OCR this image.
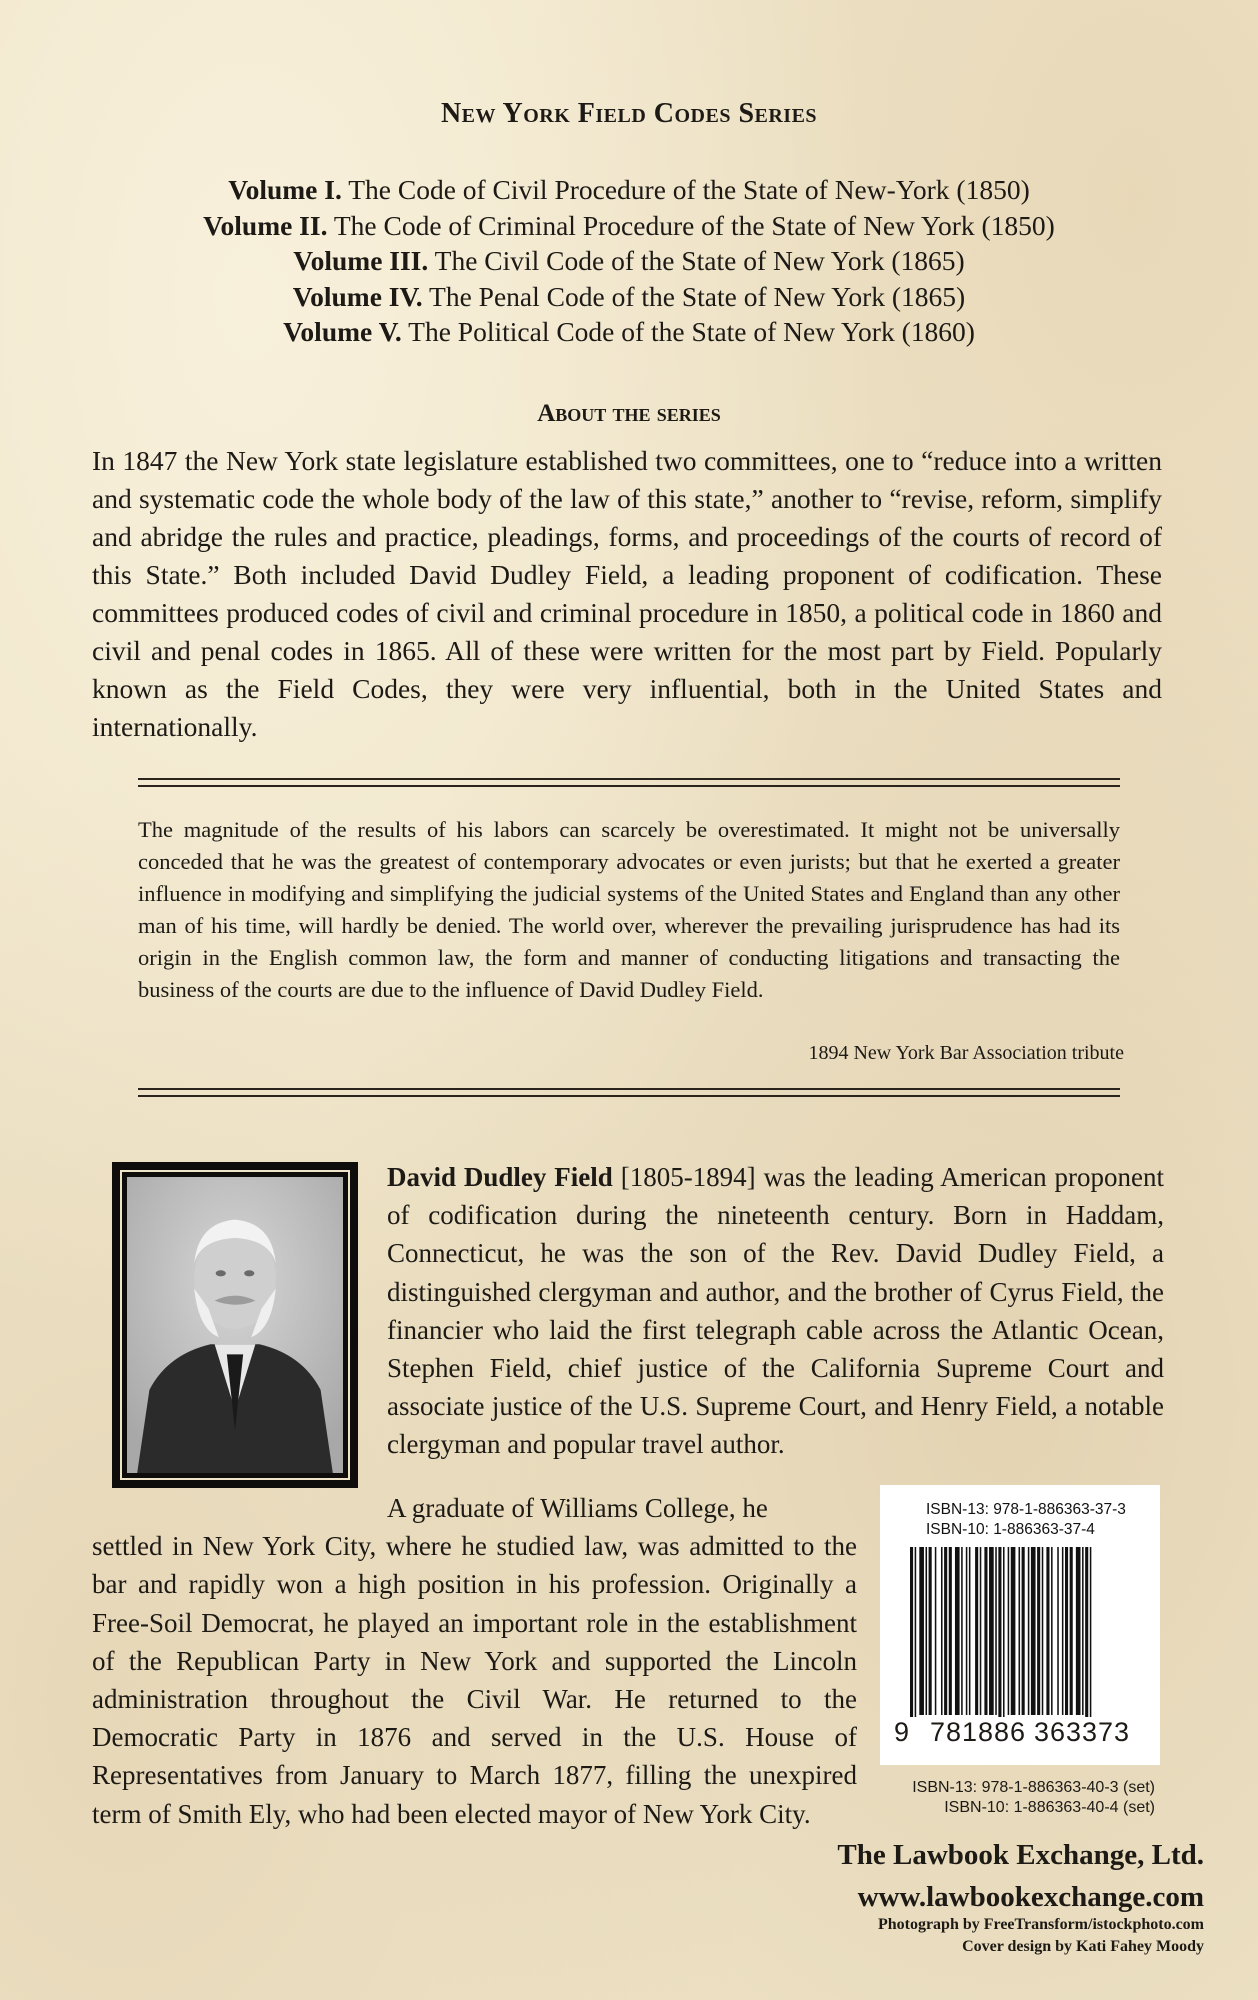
New York Field Codes Series
Volume I. The Code of Civil Procedure of the State of New-York (1850)
Volume II. The Code of Criminal Procedure of the State of New York (1850)
Volume III. The Civil Code of the State of New York (1865)
Volume IV. The Penal Code of the State of New York (1865)
Volume V. The Political Code of the State of New York (1860)
About the series
In 1847 the New York state legislature established two committees, one to “reduce into a written and systematic code the whole body of the law of this state,” another to “revise, reform, simplify and abridge the rules and practice, pleadings, forms, and proceedings of the courts of record of this State.” Both included David Dudley Field, a leading proponent of codification. These committees produced codes of civil and criminal procedure in 1850, a political code in 1860 and civil and penal codes in 1865. All of these were written for the most part by Field. Popularly known as the Field Codes, they were very influential, both in the United States and internationally.
The magnitude of the results of his labors can scarcely be overestimated. It might not be universally conceded that he was the greatest of contemporary advocates or even jurists; but that he exerted a greater influence in modifying and simplifying the judicial systems of the United States and England than any other man of his time, will hardly be denied. The world over, wherever the prevailing jurisprudence has had its origin in the English common law, the form and manner of conducting litigations and transacting the business of the courts are due to the influence of David Dudley Field.
1894 New York Bar Association tribute
David Dudley Field [1805-1894] was the leading American proponent of codification during the nineteenth century. Born in Haddam, Connecticut, he was the son of the Rev. David Dudley Field, a distinguished clergyman and author, and the brother of Cyrus Field, the financier who laid the first telegraph cable across the Atlantic Ocean, Stephen Field, chief justice of the California Supreme Court and associate justice of the U.S. Supreme Court, and Henry Field, a notable clergyman and popular travel author.
A graduate of Williams College, he
settled in New York City, where he studied law, was admitted to the bar and rapidly won a high position in his profession. Originally a Free-Soil Democrat, he played an important role in the establishment of the Republican Party in New York and supported the Lincoln administration throughout the Civil War. He returned to the Democratic Party in 1876 and served in the U.S. House of Representatives from January to March 1877, filling the unexpired term of Smith Ely, who had been elected mayor of New York City.
ISBN-13: 978-1-886363-37-3
ISBN-10: 1-886363-37-4
9 781886 363373
ISBN-13: 978-1-886363-40-3 (set)
ISBN-10: 1-886363-40-4 (set)
The Lawbook Exchange, Ltd.
www.lawbookexchange.com
Photograph by FreeTransform/istockphoto.com
Cover design by Kati Fahey Moody
